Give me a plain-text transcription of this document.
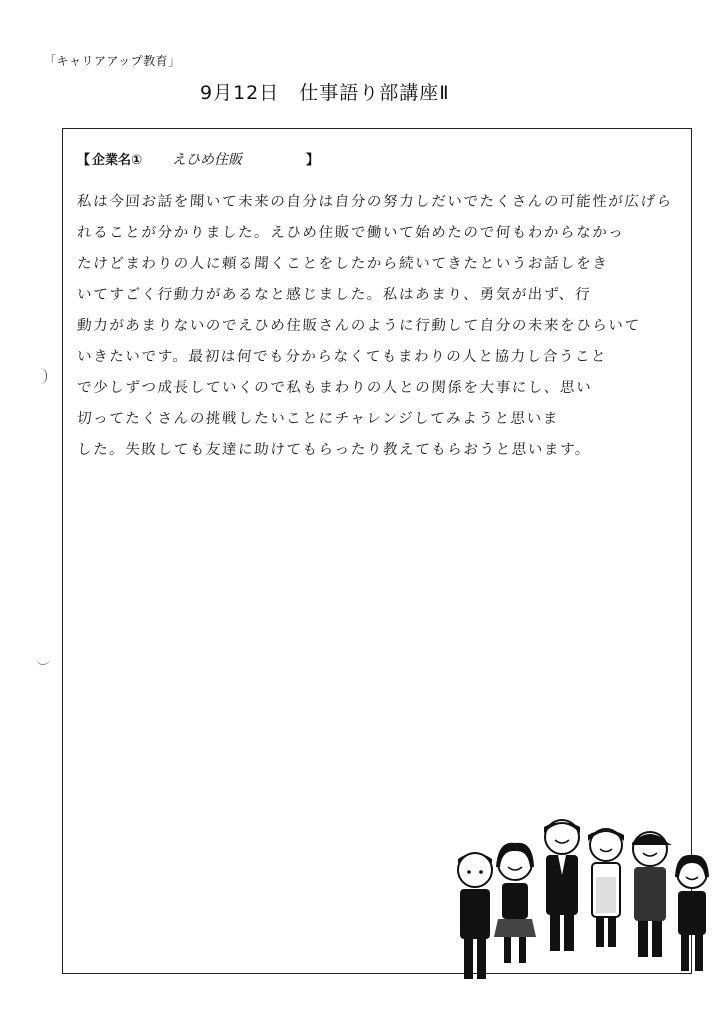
「キャリアアップ教育」
9月12日　仕事語り部講座Ⅱ
【 企業名① えひめ住販	】
私は今回お話を聞いて未来の自分は自分の努力しだいでたくさんの可能性が広げら
れることが分かりました。えひめ住販で働いて始めたので何もわからなかっ
たけどまわりの人に頼る聞くことをしたから続いてきたというお話しをき
いてすごく行動力があるなと感じました。私はあまり、勇気が出ず、行
動力があまりないのでえひめ住販さんのように行動して自分の未来をひらいて
いきたいです。最初は何でも分からなくてもまわりの人と協力し合うこと
で少しずつ成長していくので私もまわりの人との関係を大事にし、思い
切ってたくさんの挑戦したいことにチャレンジしてみようと思いま
した。失敗しても友達に助けてもらったり教えてもらおうと思います。
